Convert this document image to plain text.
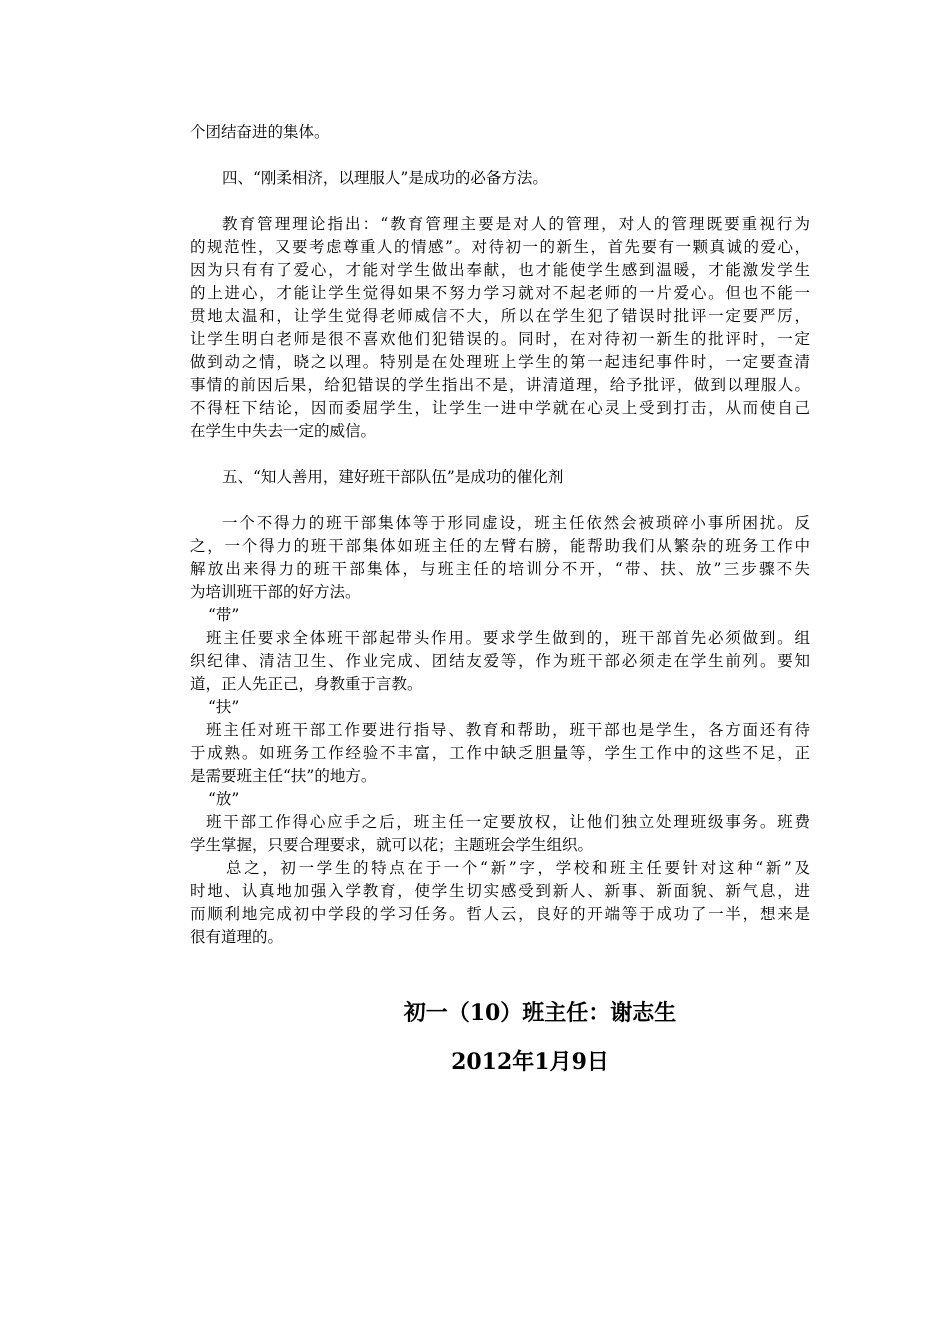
个团结奋进的集体。
四、“刚柔相济，以理服人”是成功的必备方法。
教育管理理论指出：“教育管理主要是对人的管理，对人的管理既要重视行为
的规范性，又要考虑尊重人的情感”。对待初一的新生，首先要有一颗真诚的爱心，
因为只有有了爱心，才能对学生做出奉献，也才能使学生感到温暖，才能激发学生
的上进心，才能让学生觉得如果不努力学习就对不起老师的一片爱心。但也不能一
贯地太温和，让学生觉得老师威信不大，所以在学生犯了错误时批评一定要严厉，
让学生明白老师是很不喜欢他们犯错误的。同时，在对待初一新生的批评时，一定
做到动之情，晓之以理。特别是在处理班上学生的第一起违纪事件时，一定要查清
事情的前因后果，给犯错误的学生指出不是，讲清道理，给予批评，做到以理服人。
不得枉下结论，因而委屈学生，让学生一进中学就在心灵上受到打击，从而使自己
在学生中失去一定的威信。
五、“知人善用，建好班干部队伍”是成功的催化剂
一个不得力的班干部集体等于形同虚设，班主任依然会被琐碎小事所困扰。反
之，一个得力的班干部集体如班主任的左臂右膀，能帮助我们从繁杂的班务工作中
解放出来得力的班干部集体，与班主任的培训分不开，“带、扶、放”三步骤不失
为培训班干部的好方法。
“带”
班主任要求全体班干部起带头作用。要求学生做到的，班干部首先必须做到。组
织纪律、清洁卫生、作业完成、团结友爱等，作为班干部必须走在学生前列。要知
道，正人先正己，身教重于言教。
“扶”
班主任对班干部工作要进行指导、教育和帮助，班干部也是学生，各方面还有待
于成熟。如班务工作经验不丰富，工作中缺乏胆量等，学生工作中的这些不足，正
是需要班主任“扶”的地方。
“放”
班干部工作得心应手之后，班主任一定要放权，让他们独立处理班级事务。班费
学生掌握，只要合理要求，就可以花；主题班会学生组织。
总之，初一学生的特点在于一个“新”字，学校和班主任要针对这种“新”及
时地、认真地加强入学教育，使学生切实感受到新人、新事、新面貌、新气息，进
而顺利地完成初中学段的学习任务。哲人云，良好的开端等于成功了一半，想来是
很有道理的。
初一（10）班主任：谢志生
2012年1月9日
